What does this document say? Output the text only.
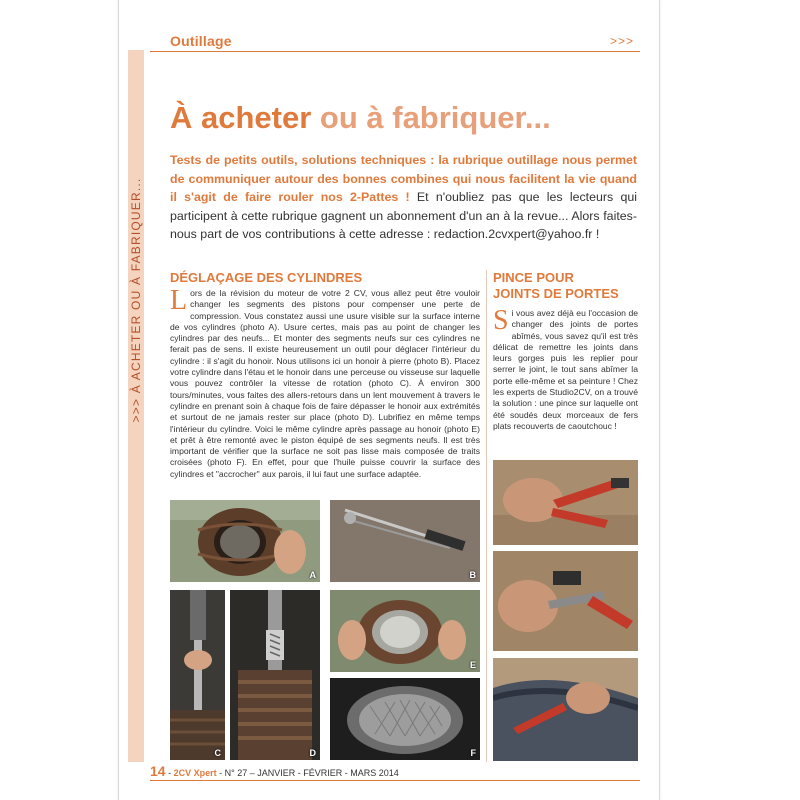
Outillage	>>>
>>> À ACHETER OU À FABRIQUER...
À acheter ou à fabriquer...
Tests de petits outils, solutions techniques : la rubrique outillage nous permet de communiquer autour des bonnes combines qui nous facilitent la vie quand il s'agit de faire rouler nos 2-Pattes ! Et n'oubliez pas que les lecteurs qui participent à cette rubrique gagnent un abonnement d'un an à la revue... Alors faites-nous part de vos contributions à cette adresse : redaction.2cvxpert@yahoo.fr !
DÉGLAÇAGE DES CYLINDRES
Lors de la révision du moteur de votre 2 CV, vous allez peut être vouloir changer les segments des pistons pour compenser une perte de compression. Vous constatez aussi une usure visible sur la surface interne de vos cylindres (photo A). Usure certes, mais pas au point de changer les cylindres par des neufs... Et monter des segments neufs sur ces cylindres ne ferait pas de sens. Il existe heureusement un outil pour déglacer l'intérieur du cylindre : il s'agit du honoir. Nous utilisons ici un honoir à pierre (photo B). Placez votre cylindre dans l'étau et le honoir dans une perceuse ou visseuse sur laquelle vous pouvez contrôler la vitesse de rotation (photo C). À environ 300 tours/minutes, vous faites des allers-retours dans un lent mouvement à travers le cylindre en prenant soin à chaque fois de faire dépasser le honoir aux extrémités et surtout de ne jamais rester sur place (photo D). Lubrifiez en même temps l'intérieur du cylindre. Voici le même cylindre après passage au honoir (photo E) et prêt à être remonté avec le piston équipé de ses segments neufs. Il est très important de vérifier que la surface ne soit pas lisse mais composée de traits croisées (photo F). En effet, pour que l'huile puisse couvrir la surface des cylindres et "accrocher" aux parois, il lui faut une surface adaptée.
PINCE POUR
JOINTS DE PORTES
Si vous avez déjà eu l'occasion de changer des joints de portes abîmés, vous savez qu'il est très délicat de remettre les joints dans leurs gorges puis les replier pour serrer le joint, le tout sans abîmer la porte elle-même et sa peinture ! Chez les experts de Studio2CV, on a trouvé la solution : une pince sur laquelle ont été soudés deux morceaux de fers plats recouverts de caoutchouc !
A	B
C	D
E
F
14 - 2CV Xpert - N° 27 – JANVIER - FÉVRIER - MARS 2014
